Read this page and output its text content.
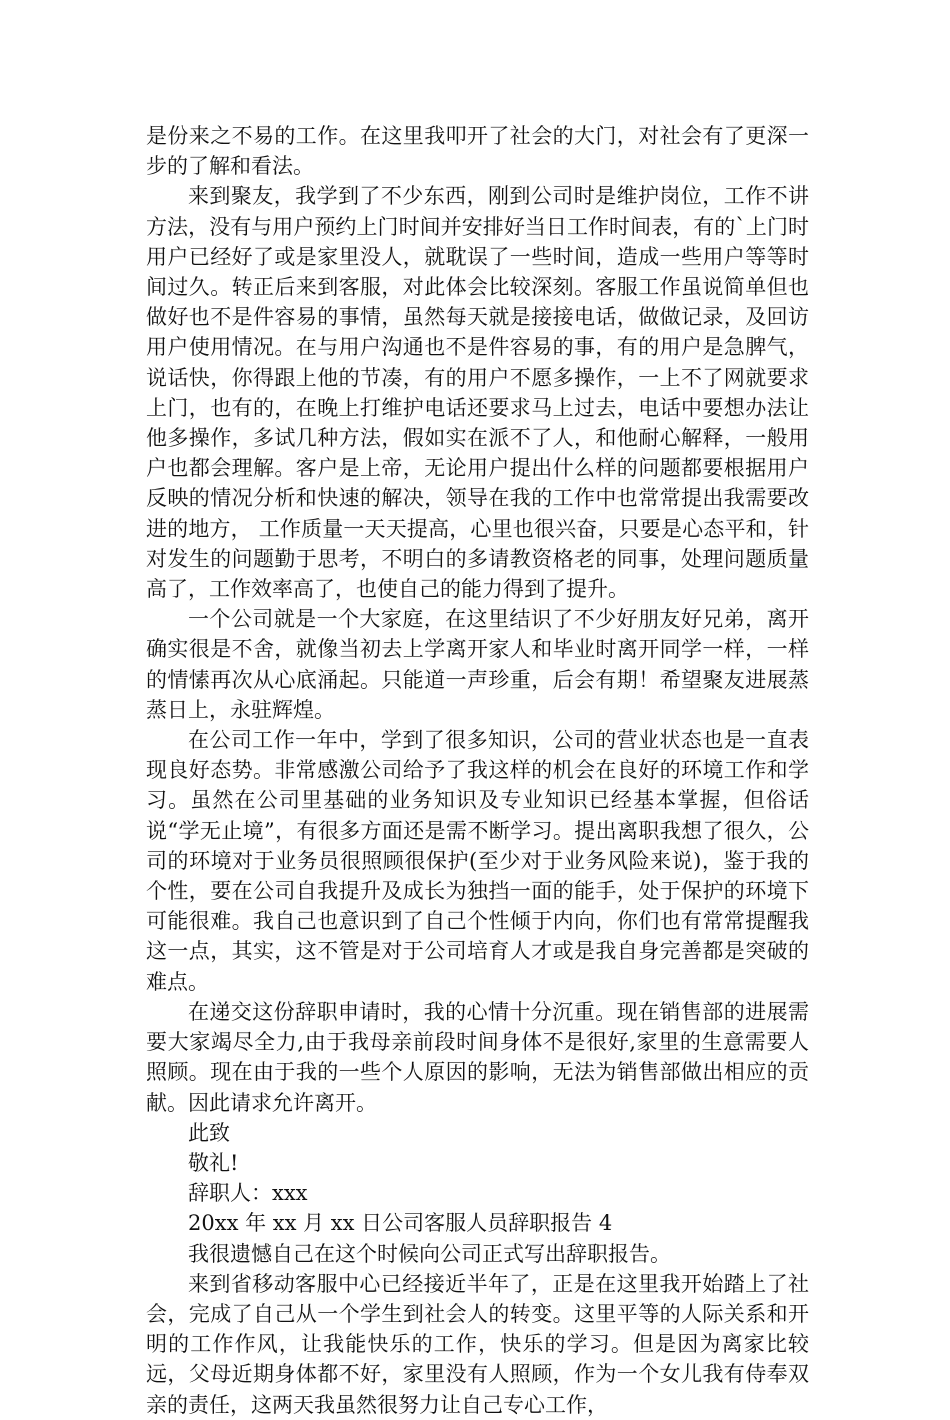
是份来之不易的工作。在这里我叩开了社会的大门，对社会有了更深一步的了解和看法。

来到聚友，我学到了不少东西，刚到公司时是维护岗位，工作不讲方法，没有与用户预约上门时间并安排好当日工作时间表，有的`上门时用户已经好了或是家里没人，就耽误了一些时间，造成一些用户等等时间过久。转正后来到客服，对此体会比较深刻。客服工作虽说简单但也做好也不是件容易的事情，虽然每天就是接接电话，做做记录，及回访用户使用情况。在与用户沟通也不是件容易的事，有的用户是急脾气，说话快，你得跟上他的节凑，有的用户不愿多操作，一上不了网就要求上门，也有的，在晚上打维护电话还要求马上过去，电话中要想办法让他多操作，多试几种方法，假如实在派不了人，和他耐心解释，一般用户也都会理解。客户是上帝，无论用户提出什么样的问题都要根据用户反映的情况分析和快速的解决，领导在我的工作中也常常提出我需要改进的地方， 工作质量一天天提高，心里也很兴奋，只要是心态平和，针对发生的问题勤于思考，不明白的多请教资格老的同事，处理问题质量高了，工作效率高了，也使自己的能力得到了提升。

一个公司就是一个大家庭，在这里结识了不少好朋友好兄弟，离开确实很是不舍，就像当初去上学离开家人和毕业时离开同学一样，一样的情愫再次从心底涌起。只能道一声珍重，后会有期！希望聚友进展蒸蒸日上，永驻辉煌。

在公司工作一年中，学到了很多知识，公司的营业状态也是一直表现良好态势。非常感激公司给予了我这样的机会在良好的环境工作和学习。虽然在公司里基础的业务知识及专业知识已经基本掌握，但俗话说“学无止境”，有很多方面还是需不断学习。提出离职我想了很久，公司的环境对于业务员很照顾很保护(至少对于业务风险来说)，鉴于我的个性，要在公司自我提升及成长为独挡一面的能手，处于保护的环境下可能很难。我自己也意识到了自己个性倾于内向，你们也有常常提醒我这一点，其实，这不管是对于公司培育人才或是我自身完善都是突破的难点。

在递交这份辞职申请时，我的心情十分沉重。现在销售部的进展需要大家竭尽全力,由于我母亲前段时间身体不是很好,家里的生意需要人照顾。现在由于我的一些个人原因的影响，无法为销售部做出相应的贡献。因此请求允许离开。

此致

敬礼!

辞职人：xxx

20xx 年 xx 月 xx 日公司客服人员辞职报告 4

我很遗憾自己在这个时候向公司正式写出辞职报告。

来到省移动客服中心已经接近半年了，正是在这里我开始踏上了社会，完成了自己从一个学生到社会人的转变。这里平等的人际关系和开明的工作作风，让我能快乐的工作，快乐的学习。但是因为离家比较远，父母近期身体都不好，家里没有人照顾，作为一个女儿我有侍奉双亲的责任，这两天我虽然很努力让自己专心工作，
